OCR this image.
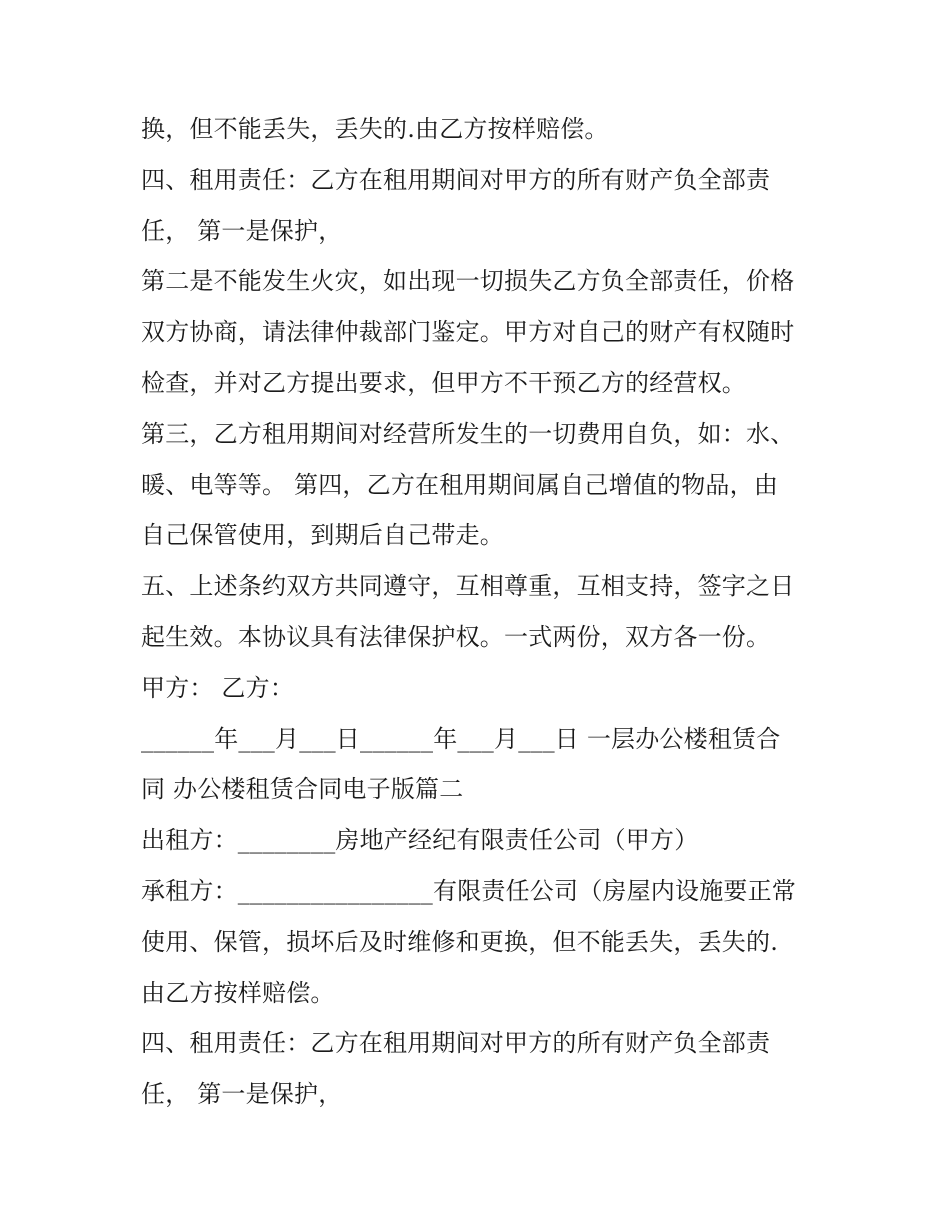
换，但不能丢失，丢失的.由乙方按样赔偿。
四、租用责任：乙方在租用期间对甲方的所有财产负全部责
任， 第一是保护，
第二是不能发生火灾，如出现一切损失乙方负全部责任，价格
双方协商，请法律仲裁部门鉴定。甲方对自己的财产有权随时
检查，并对乙方提出要求，但甲方不干预乙方的经营权。
第三，乙方租用期间对经营所发生的一切费用自负，如：水、
暖、电等等。 第四，乙方在租用期间属自己增值的物品，由
自己保管使用，到期后自己带走。
五、上述条约双方共同遵守，互相尊重，互相支持，签字之日
起生效。本协议具有法律保护权。一式两份，双方各一份。
甲方： 乙方：
______年___月___日______年___月___日 一层办公楼租赁合
同 办公楼租赁合同电子版篇二
出租方：________房地产经纪有限责任公司（甲方）
承租方：________________有限责任公司（房屋内设施要正常
使用、保管，损坏后及时维修和更换，但不能丢失，丢失的.
由乙方按样赔偿。
四、租用责任：乙方在租用期间对甲方的所有财产负全部责
任， 第一是保护，
